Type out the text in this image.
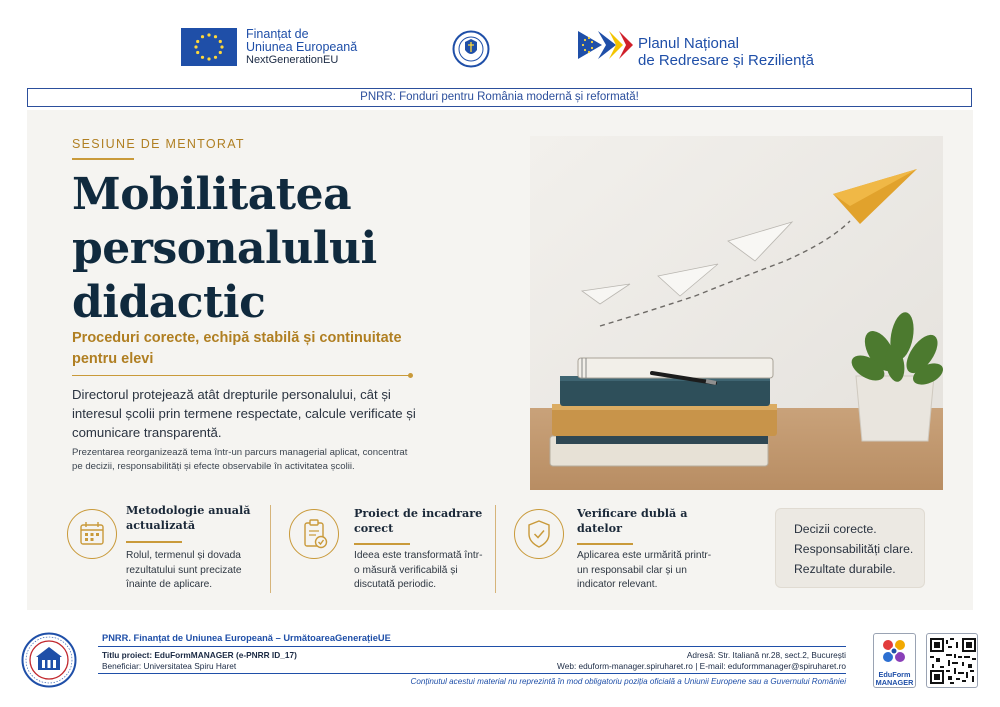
Finanțat de
Uniunea Europeană
NextGenerationEU
Planul Național
de Redresare și Reziliență
PNRR: Fonduri pentru România modernă și reformată!
SESIUNE DE MENTORAT
Mobilitatea personalului didactic
Proceduri corecte, echipă stabilă și continuitate pentru elevi
Directorul protejează atât drepturile personalului, cât și interesul școlii prin termene respectate, calcule verificate și comunicare transparentă.
Prezentarea reorganizează tema într-un parcurs managerial aplicat, concentrat pe decizii, responsabilități și efecte observabile în activitatea școlii.
Metodologie anuală actualizată
Rolul, termenul și dovada rezultatului sunt precizate înainte de aplicare.
Proiect de incadrare corect
Ideea este transformată într-o măsură verificabilă și discutată periodic.
Verificare dublă a datelor
Aplicarea este urmărită printr-un responsabil clar și un indicator relevant.
Decizii corecte.
Responsabilități clare.
Rezultate durabile.
PNRR. Finanțat de Uniunea Europeană – UrmătoareaGenerațieUE
Titlu proiect: EduFormMANAGER (e-PNRR ID_17)
Beneficiar: Universitatea Spiru Haret
Adresă: Str. Italiană nr.28, sect.2, București
Web: eduform-manager.spiruharet.ro | E-mail: eduformmanager@spiruharet.ro
Conținutul acestui material nu reprezintă în mod obligatoriu poziția oficială a Uniunii Europene sau a Guvernului României
EduForm
MANAGER
